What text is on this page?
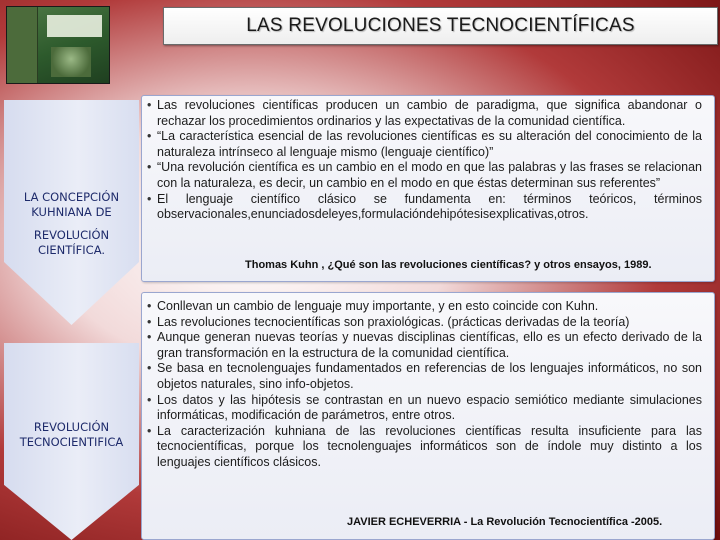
LAS REVOLUCIONES TECNOCIENTÍFICAS
LA CONCEPCIÓN
KUHNIANA DE
REVOLUCIÓN
CIENTÍFICA.
• Las revoluciones científicas producen un cambio de paradigma, que significa abandonar o rechazar los procedimientos ordinarios y las expectativas de la comunidad científica.
• “La característica esencial de las revoluciones científicas es su alteración del conocimiento de la naturaleza intrínseco al lenguaje mismo (lenguaje científico)”
• “Una revolución científica es un cambio en el modo en que las palabras y las frases se relacionan con la naturaleza, es decir, un cambio en el modo en que éstas determinan sus referentes”
• El lenguaje científico clásico se fundamenta en: términos teóricos, términos observacionales,enunciadosdeleyes,formulacióndehipótesisexplicativas,otros.
Thomas Kuhn , ¿Qué son las revoluciones científicas? y otros ensayos, 1989.
REVOLUCIÓN
TECNOCIENTIFICA
• Conllevan un cambio de lenguaje muy importante, y en esto coincide con Kuhn.
• Las revoluciones tecnocientíficas son praxiológicas. (prácticas derivadas de la teoría)
• Aunque generan nuevas teorías y nuevas disciplinas científicas, ello es un efecto derivado de la gran transformación en la estructura de la comunidad científica.
• Se basa en tecnolenguajes fundamentados en referencias de los lenguajes informáticos, no son objetos naturales, sino info-objetos.
• Los datos y las hipótesis se contrastan en un nuevo espacio semiótico mediante simulaciones informáticas, modificación de parámetros, entre otros.
• La caracterización kuhniana de las revoluciones científicas resulta insuficiente para las tecnocientíficas, porque los tecnolenguajes informáticos son de índole muy distinto a los lenguajes científicos clásicos.
JAVIER ECHEVERRIA - La Revolución Tecnocientífica -2005.
